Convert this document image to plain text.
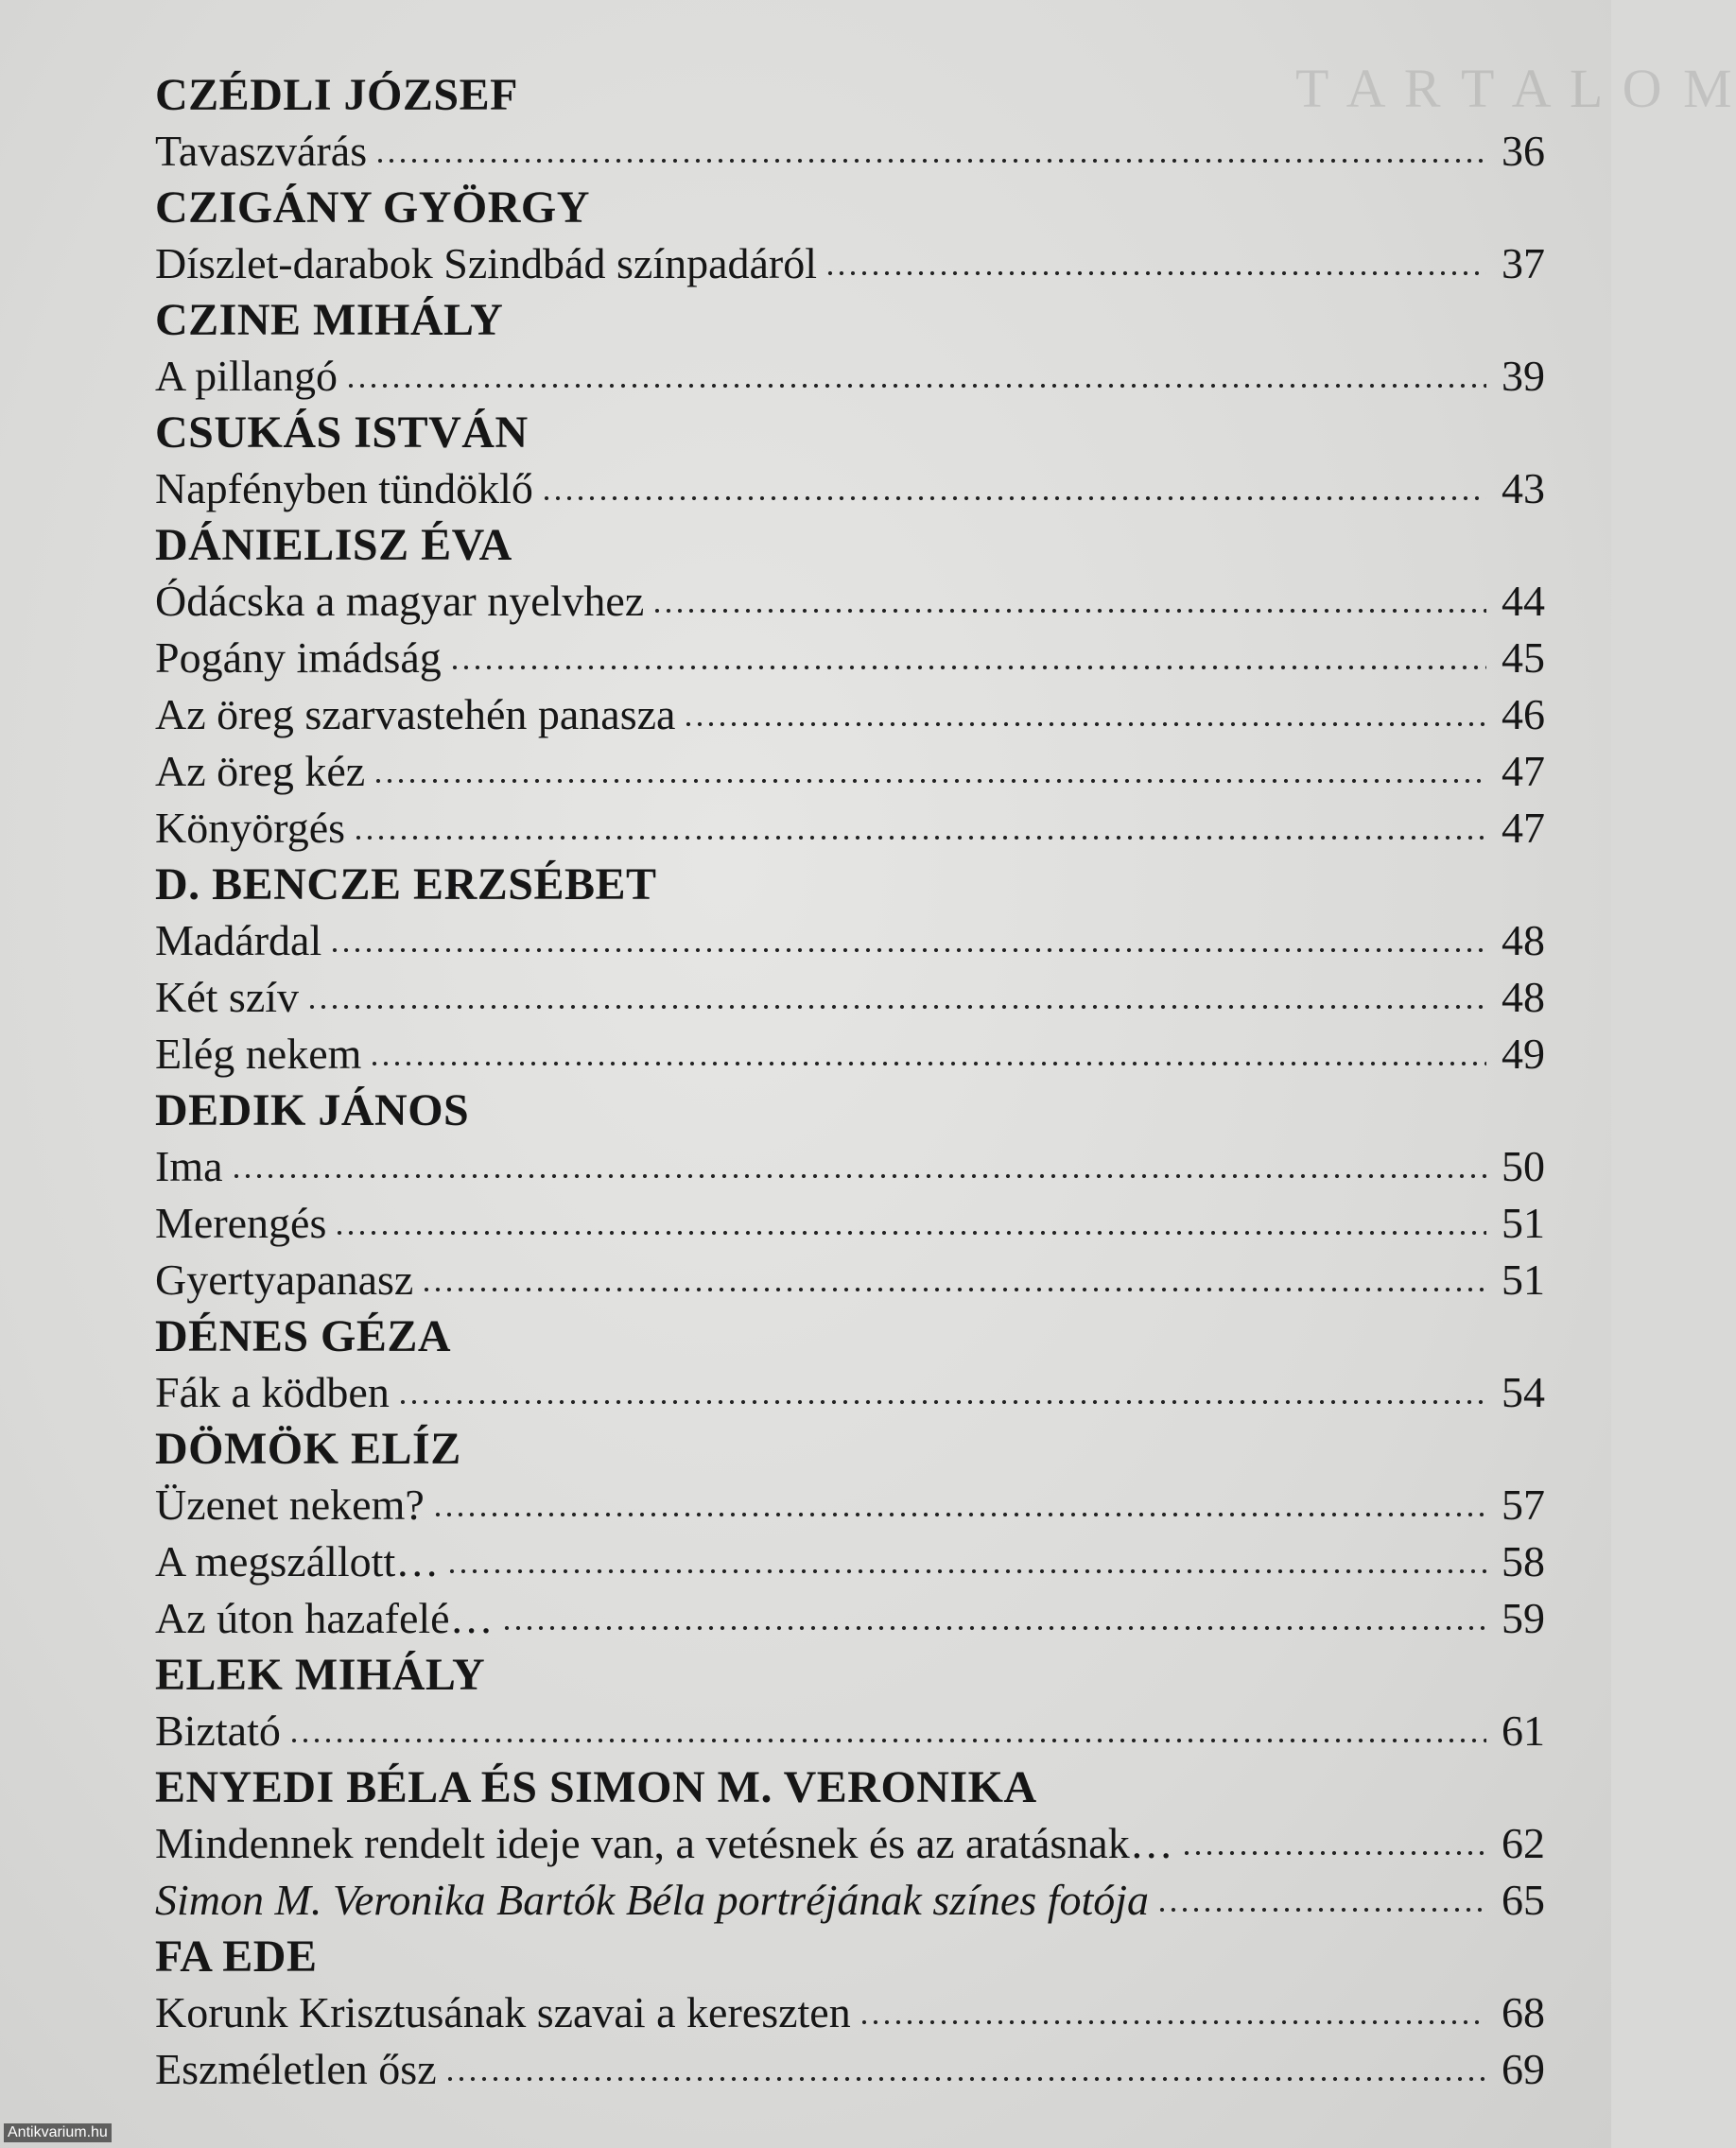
T A R T A L O M
CZÉDLI JÓZSEF
Tavaszvárás	36
CZIGÁNY GYÖRGY
Díszlet-darabok Szindbád színpadáról	37
CZINE MIHÁLY
A pillangó	39
CSUKÁS ISTVÁN
Napfényben tündöklő	43
DÁNIELISZ ÉVA
Ódácska a magyar nyelvhez	44
Pogány imádság	45
Az öreg szarvastehén panasza	46
Az öreg kéz	47
Könyörgés	47
D. BENCZE ERZSÉBET
Madárdal	48
Két szív	48
Elég nekem	49
DEDIK JÁNOS
Ima	50
Merengés	51
Gyertyapanasz	51
DÉNES GÉZA
Fák a ködben	54
DÖMÖK ELÍZ
Üzenet nekem?	57
A megszállott…	58
Az úton hazafelé…	59
ELEK MIHÁLY
Biztató	61
ENYEDI BÉLA ÉS SIMON M. VERONIKA
Mindennek rendelt ideje van, a vetésnek és az aratásnak…	62
Simon M. Veronika Bartók Béla portréjának színes fotója	65
FA EDE
Korunk Krisztusának szavai a kereszten	68
Eszméletlen ősz	69
Antikvarium.hu
